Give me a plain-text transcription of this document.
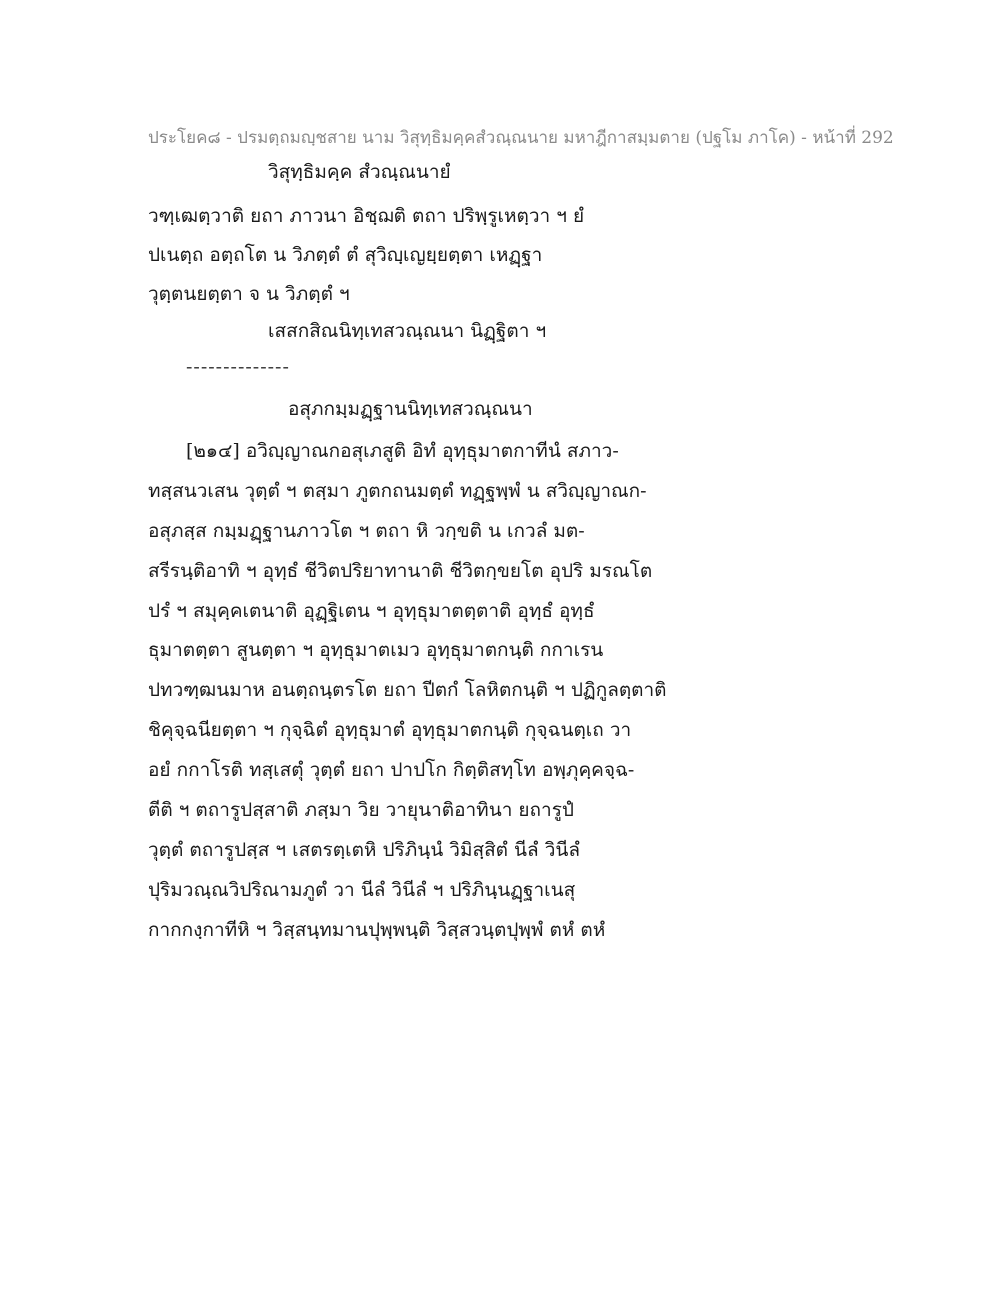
ประโยค๘ - ปรมตฺถมญฺชสาย นาม วิสุทฺธิมคฺคสํวณฺณนาย มหาฎีกาสมฺมตาย (ปฐโม ภาโค) - หน้าที่ 292
วิสุทฺธิมคฺค สํวณฺณนายํ
วฑฺเฒตฺวาติ ยถา ภาวนา อิชฺฌติ ตถา ปริพฺรูเหตฺวา ฯ ยํ
ปเนตฺถ อตฺถโต น วิภตฺตํ ตํ สุวิญฺเญยฺยตฺตา เหฏฺฐา
วุตฺตนยตฺตา จ น วิภตฺตํ ฯ
เสสกสิณนิทฺเทสวณฺณนา นิฏฺฐิตา ฯ
--------------
อสุภกมฺมฏฺฐานนิทฺเทสวณฺณนา
[๒๑๔] อวิญฺญาณกอสุเภสูติ อิทํ อุทฺธุมาตกาทีนํ สภาว-
ทสฺสนวเสน วุตฺตํ ฯ ตสฺมา ภูตกถนมตฺตํ ทฏฺฐพฺพํ น สวิญฺญาณก-
อสุภสฺส กมฺมฏฺฐานภาวโต ฯ ตถา หิ วกฺขติ น เกวลํ มต-
สรีรนฺติอาทิ ฯ อุทฺธํ ชีวิตปริยาทานาติ ชีวิตกฺขยโต อุปริ มรณโต
ปรํ ฯ สมุคฺคเตนาติ อุฏฺฐิเตน ฯ อุทฺธุมาตตฺตาติ อุทฺธํ อุทฺธํ
ธุมาตตฺตา สูนตฺตา ฯ อุทฺธุมาตเมว อุทฺธุมาตกนฺติ กกาเรน
ปทวฑฺฒนมาห อนตฺถนฺตรโต ยถา ปีตกํ โลหิตกนฺติ ฯ ปฏิกูลตฺตาติ
ชิคุจฺฉนียตฺตา ฯ กุจฺฉิตํ อุทฺธุมาตํ อุทฺธุมาตกนฺติ กุจฺฉนตฺเถ วา
อยํ กกาโรติ ทสฺเสตุํ วุตฺตํ ยถา ปาปโก กิตฺติสทฺโท อพฺภุคฺคจฺฉ-
ตีติ ฯ ตถารูปสฺสาติ ภสฺมา วิย วายุนาติอาทินา ยถารูปํ
วุตฺตํ ตถารูปสฺส ฯ เสตรตฺเตหิ ปริภินฺนํ วิมิสฺสิตํ นีลํ วินีลํ
ปุริมวณฺณวิปริณามภูตํ วา นีลํ วินีลํ ฯ ปริภินฺนฏฺฐาเนสุ
กากกงฺกาทีหิ ฯ วิสฺสนฺทมานปุพฺพนฺติ วิสฺสวนฺตปุพฺพํ ตหํ ตหํ
